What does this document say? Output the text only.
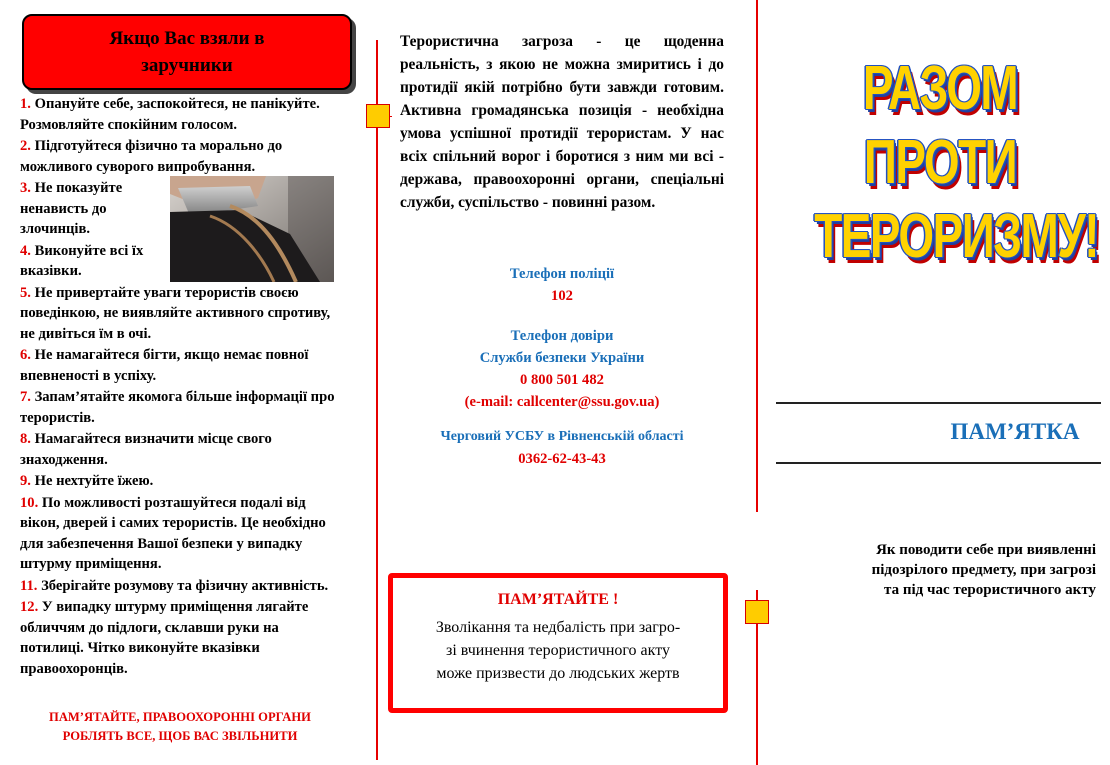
Якщо Вас взяли в
заручники
1. Опануйте себе, заспокойтеся, не панікуйте. Розмовляйте спокійним голосом.
2. Підготуйтеся фізично та морально до можливого суворого випробування.
3. Не показуйте ненависть до злочинців.
4. Виконуйте всі їх вказівки.
5. Не привертайте уваги терористів своєю поведінкою, не виявляйте активного спротиву, не дивіться їм в очі.
6. Не намагайтеся бігти, якщо немає повної впевненості в успіху.
7. Запам’ятайте якомога більше інформації про терористів.
8. Намагайтеся визначити місце свого знаходження.
9. Не нехтуйте їжею.
10. По можливості розташуйтеся подалі від вікон, дверей і самих терористів. Це необхідно для забезпечення Вашої безпеки у випадку штурму приміщення.
11. Зберігайте розумову та фізичну активність.
12. У випадку штурму приміщення лягайте обличчям до підлоги, склавши руки на потилиці. Чітко виконуйте вказівки правоохоронців.
ПАМ’ЯТАЙТЕ, ПРАВООХОРОННІ ОРГАНИ
РОБЛЯТЬ ВСЕ, ЩОБ ВАС ЗВІЛЬНИТИ
Терористична загроза - це щоденна реальність, з якою не можна змиритись і до протидії якій потрібно бути завжди готовим. Активна громадянська позиція - необхідна умова успішної протидії терористам. У нас всіх спільний ворог і боротися з ним ми всі - держава, правоохоронні органи, спеціальні служби, суспільство - повинні разом.
Телефон поліції
102
Телефон довіри
Служби безпеки України
0 800 501 482
(e-mail: callcenter@ssu.gov.ua)
Черговий УСБУ в Рівненській області
0362-62-43-43
ПАМ’ЯТАЙТЕ !
Зволікання та недбалість при загро-
зі вчинення терористичного акту
може призвести до людських жертв
РАЗОМ ПРОТИ
ТЕРОРИЗМУ!
ПАМ’ЯТКА
Як поводити себе при виявленні
підозрілого предмету, при загрозі
та під час терористичного акту
